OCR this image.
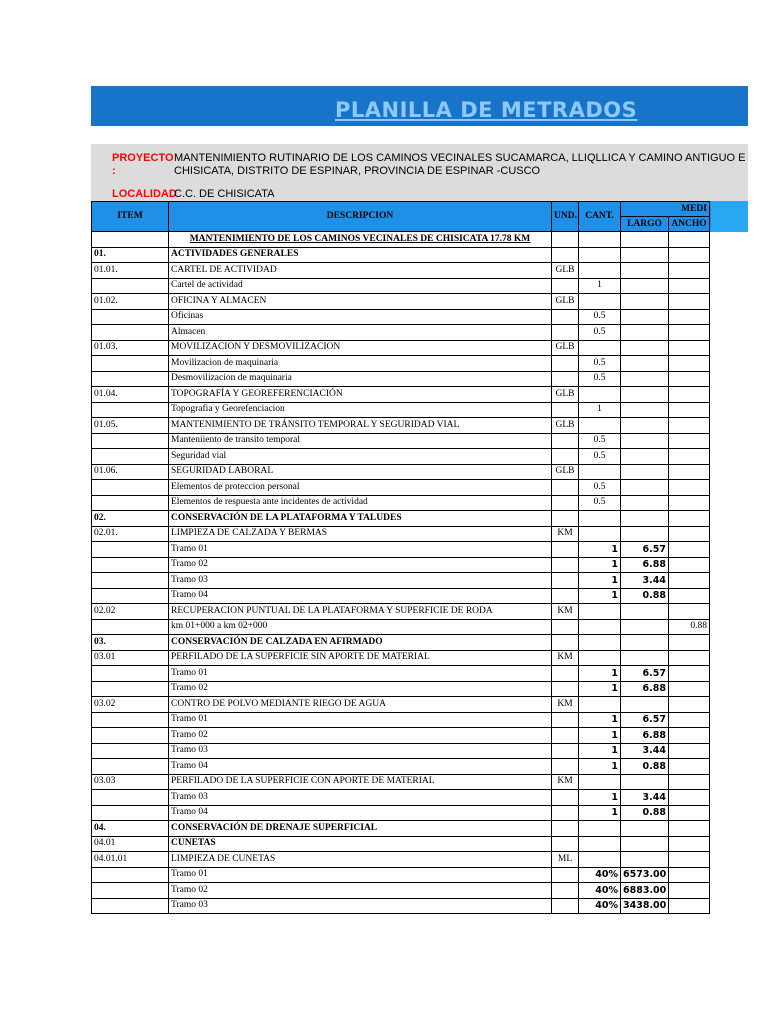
PLANILLA DE METRADOS
PROYECTO
:
MANTENIMIENTO RUTINARIO DE LOS CAMINOS VECINALES SUCAMARCA, LLIQLLICA Y CAMINO ANTIGUO E
CHISICATA, DISTRITO DE ESPINAR, PROVINCIA DE ESPINAR -CUSCO
LOCALIDAD
C.C. DE CHISICATA
ITEM	DESCRIPCION	UND.	CANT.	MEDI	
				LARGO	ANCHO
	MANTENIMIENTO DE LOS CAMINOS VECINALES DE CHISICATA 17.78 KM				
01.	ACTIVIDADES GENERALES				
01.01.	CARTEL DE ACTIVIDAD	GLB			
	Cartel de actividad		1		
01.02.	OFICINA Y ALMACEN	GLB			
	Oficinas		0.5		
	Almacen		0.5		
01.03.	MOVILIZACION Y DESMOVILIZACION	GLB			
	Movilizacion de maquinaria		0.5		
	Desmovilizacion de maquinaria		0.5		
01.04.	TOPOGRAFÍA Y GEOREFERENCIACIÓN	GLB			
	Topografia y Georefenciacion		1		
01.05.	MANTENIMIENTO DE TRÁNSITO TEMPORAL Y SEGURIDAD VIAL	GLB			
	Manteniiento de transito temporal		0.5		
	Seguridad vial		0.5		
01.06.	SEGURIDAD LABORAL	GLB			
	Elementos de proteccion personal		0.5		
	Elementos de respuesta ante incidentes de actividad		0.5		
02.	CONSERVACIÓN DE LA PLATAFORMA Y TALUDES				
02.01.	LIMPIEZA DE CALZADA Y BERMAS	KM			
	Tramo 01		1	6.57	
	Tramo 02		1	6.88	
	Tramo 03		1	3.44	
	Tramo 04		1	0.88	
02.02	RECUPERACION PUNTUAL DE LA PLATAFORMA Y SUPERFICIE DE RODA	KM			
	km 01+000 a km 02+000				0.88
03.	CONSERVACIÓN DE CALZADA EN AFIRMADO				
03.01	PERFILADO DE LA SUPERFICIE SIN APORTE DE MATERIAL	KM			
	Tramo 01		1	6.57	
	Tramo 02		1	6.88	
03.02	CONTRO DE POLVO MEDIANTE RIEGO DE AGUA	KM			
	Tramo 01		1	6.57	
	Tramo 02		1	6.88	
	Tramo 03		1	3.44	
	Tramo 04		1	0.88	
03.03	PERFILADO DE LA SUPERFICIE CON APORTE DE MATERIAL	KM			
	Tramo 03		1	3.44	
	Tramo 04		1	0.88	
04.	CONSERVACIÓN DE DRENAJE SUPERFICIAL				
04.01	CUNETAS				
04.01.01	LIMPIEZA DE CUNETAS	ML			
	Tramo 01		40%	6573.00	
	Tramo 02		40%	6883.00	
	Tramo 03		40%	3438.00	
